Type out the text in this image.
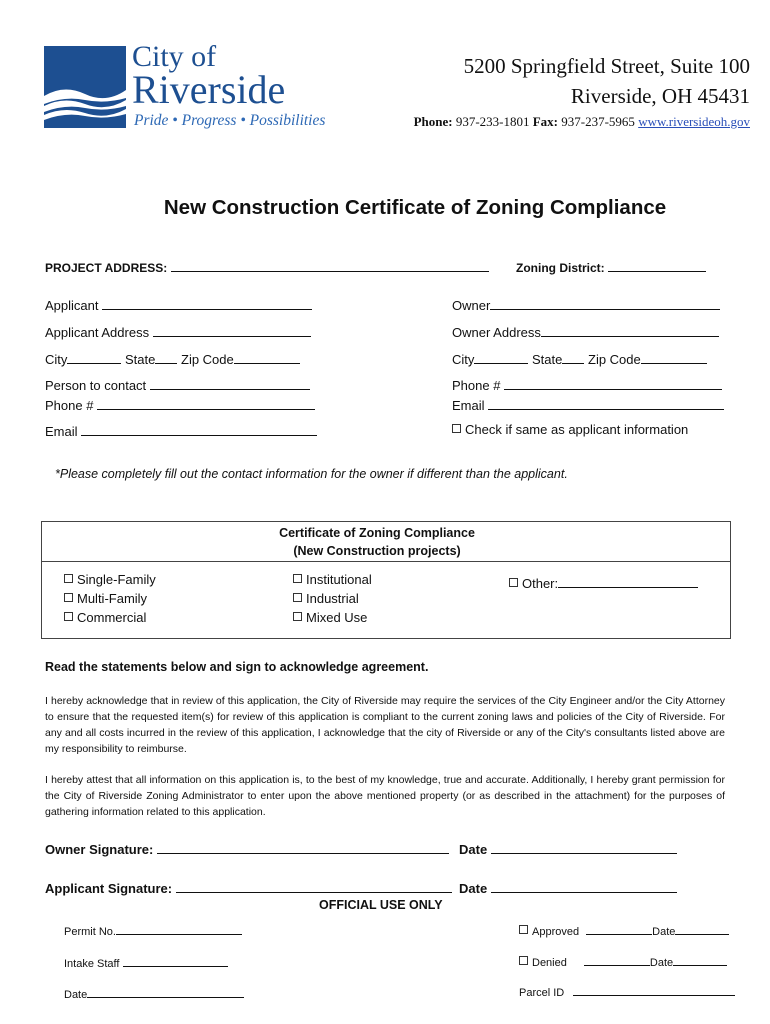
City of
Riverside
Pride • Progress • Possibilities
5200 Springfield Street, Suite 100
Riverside, OH 45431
Phone: 937-233-1801 Fax: 937-237-5965 www.riversideoh.gov
New Construction Certificate of Zoning Compliance
PROJECT ADDRESS:	Zoning District:
Applicant
Applicant Address
City	State Zip Code
Person to contact
Phone #
Email
Owner
Owner Address
City	State Zip Code
Phone #
Email
Check if same as applicant information
*Please completely fill out the contact information for the owner if different than the applicant.
Certificate of Zoning Compliance
(New Construction projects)
Single-Family
Multi-Family
Commercial
Institutional
Industrial
Mixed Use
Other:
Read the statements below and sign to acknowledge agreement.
I hereby acknowledge that in review of this application, the City of Riverside may require the services of the City Engineer and/or the City Attorney to ensure that the requested item(s) for review of this application is compliant to the current zoning laws and policies of the City of Riverside. For any and all costs incurred in the review of this application, I acknowledge that the city of Riverside or any of the City's consultants listed above are my responsibility to reimburse.
I hereby attest that all information on this application is, to the best of my knowledge, true and accurate. Additionally, I hereby grant permission for the City of Riverside Zoning Administrator to enter upon the above mentioned property (or as described in the attachment) for the purposes of gathering information related to this application.
Owner Signature:	Date
Applicant Signature:	Date
OFFICIAL USE ONLY
Permit No.
Intake Staff
Date
Approved	Date
Denied	Date
Parcel ID
